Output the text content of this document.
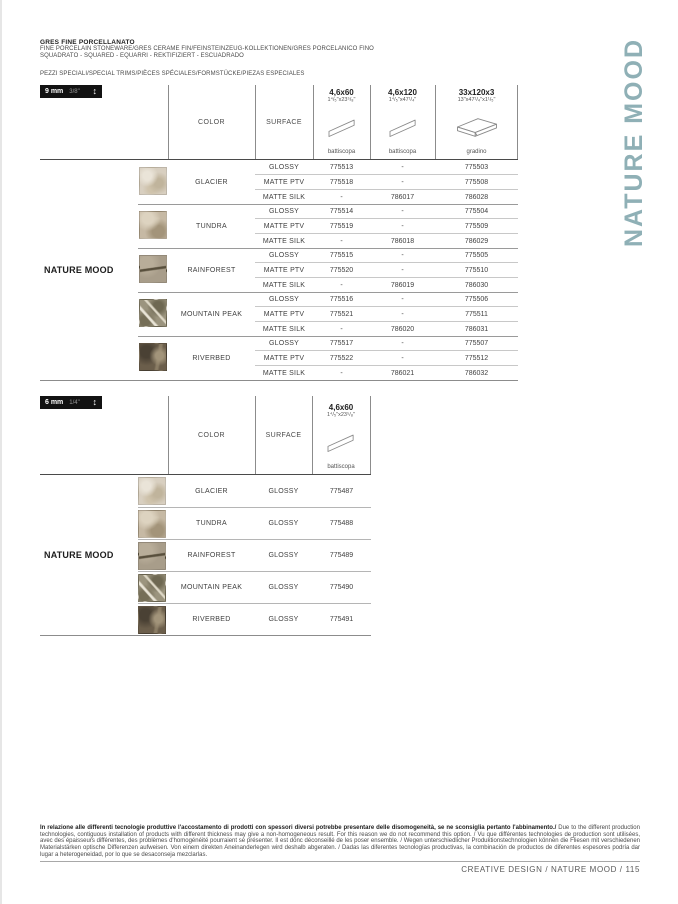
GRES FINE PORCELLANATO
FINE PORCELAIN STONEWARE/GRES CERAME FIN/FEINSTEINZEUG-KOLLEKTIONEN/GRES PORCELANICO FINO
SQUADRATO - SQUARED - EQUARRI - REKTIFIZIERT - ESCUADRADO
PEZZI SPECIALI/SPECIAL TRIMS/PIÈCES SPÉCIALES/FORMSTÜCKE/PIEZAS ESPECIALES
9 mm 3/8" ↕
COLOR	SURFACE
4,6x60
1⁴/₅"x23⁵/₈"
battiscopa
4,6x120
1⁴/₅"x47¹/₄"
battiscopa
33x120x3
13"x47¹/₄"x1¹/₅"
gradino
NATURE MOOD
GLACIER
GLOSSY	775513	-	775503
MATTE PTV	775518	-	775508
MATTE SILK	-	786017	786028
TUNDRA
GLOSSY	775514	-	775504
MATTE PTV	775519	-	775509
MATTE SILK	-	786018	786029
RAINFOREST
GLOSSY	775515	-	775505
MATTE PTV	775520	-	775510
MATTE SILK	-	786019	786030
MOUNTAIN PEAK
GLOSSY	775516	-	775506
MATTE PTV	775521	-	775511
MATTE SILK	-	786020	786031
RIVERBED
GLOSSY	775517	-	775507
MATTE PTV	775522	-	775512
MATTE SILK	-	786021	786032
6 mm 1/4" ↕
COLOR	SURFACE
4,6x60
1⁴/₅"x23⁵/₈"
battiscopa
NATURE MOOD
GLACIER	GLOSSY	775487
TUNDRA	GLOSSY	775488
RAINFOREST	GLOSSY	775489
MOUNTAIN PEAK	GLOSSY	775490
RIVERBED	GLOSSY	775491
NATURE MOOD

In relazione alle differenti tecnologie produttive l'accostamento di prodotti con spessori diversi potrebbe presentare delle disomogeneità, se ne sconsiglia pertanto l'abbinamento./ Due to the different production technologies, contiguous installation of products with different thickness may give a non-homogeneous result. For this reason we do not recommend this option. / Vu que différentes technologies de production sont utilisées, avec des épaisseurs différentes, des problèmes d'homogénéité pourraient se présenter. Il est donc déconseillé de les poser ensemble. / Wegen unterschiedlicher Produktionstechnologien können die Fliesen mit verschiedenen Materialstärken optische Differenzen aufweisen. Von einem direkten Aneinanderlegen wird deshalb abgeraten. / Dadas las diferentes tecnologías productivas, la combinación de productos de diferentes espesores podría dar lugar a heterogeneidad, por lo que se desaconseja mezclarlas.

CREATIVE DESIGN / NATURE MOOD / 115
